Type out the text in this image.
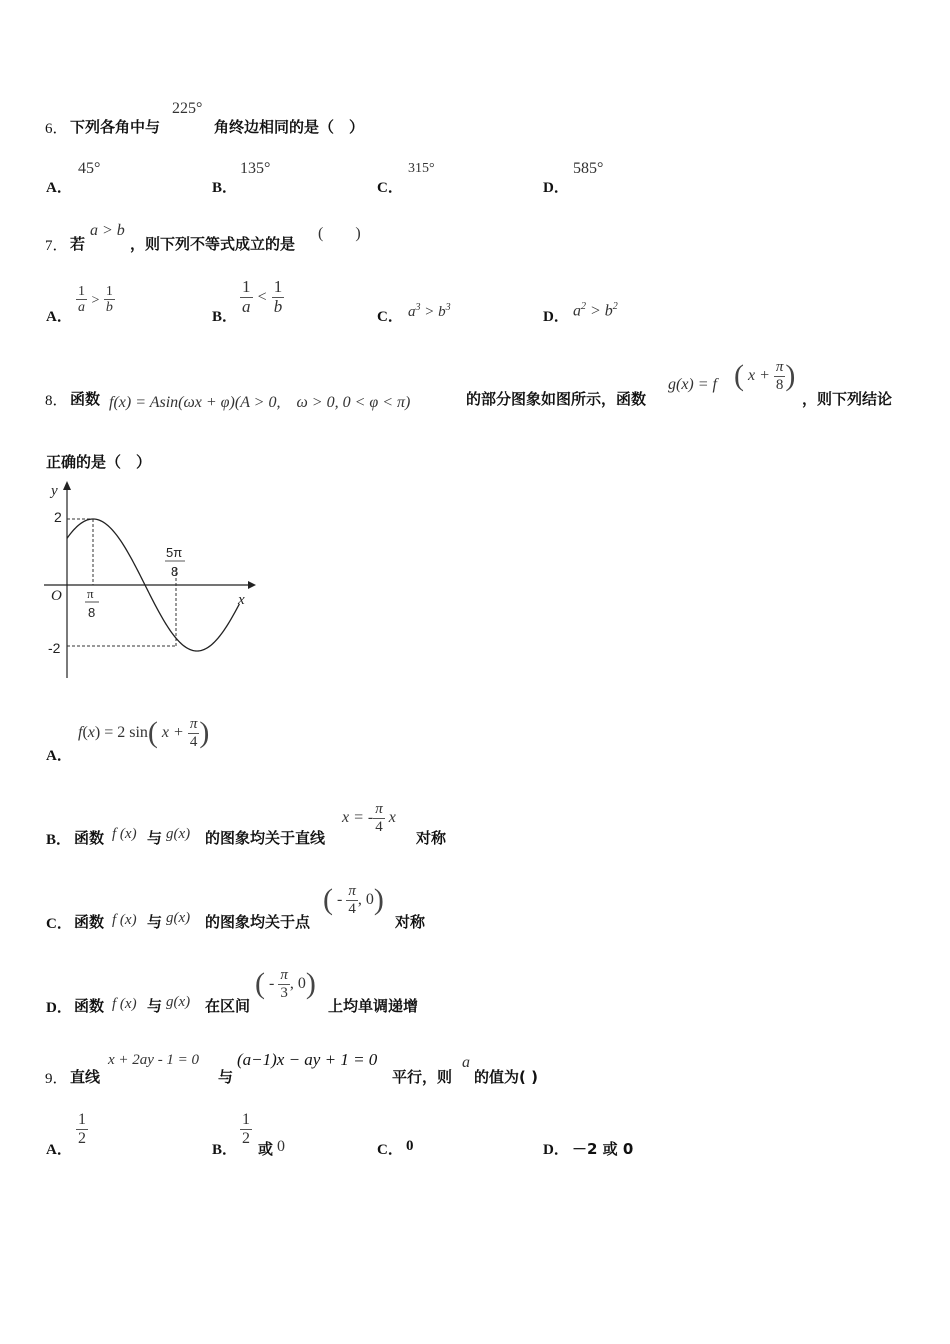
6． 下列各角中与
225°
角终边相同的是（　）
A．
45°
B．
135°
C．
315°
D．
585°
7． 若
a > b
，则下列不等式成立的是
(　　)
A．
$\frac{1}{a} > \frac{1}{b}$
B．
$\frac{1}{a} < \frac{1}{b}$
C． $a^3 > b^3$
D． $a^2 > b^2$
8． 函数 f(x) = Asin(ωx + φ)(A > 0,　ω > 0, 0 < φ < π)	的部分图象如图所示，函数
g(x) = f ( $x + \frac{\pi}{8}$ )
，则下列结论
正确的是（　）
y
x
O
2
-2
π
8
5π
8
A．
f(x) = 2 sin( $x + \frac{\pi}{4}$ )
B． 函数 f (x) 与 g(x) 的图象均关于直线
x = - $\frac{\pi}{4}$ x
对称
C． 函数 f (x) 与 g(x) 的图象均关于点
( - $\frac{\pi}{4}$ , 0)
对称
D． 函数 f (x) 与 g(x) 在区间
( - $\frac{\pi}{3}$ , 0)
上均单调递增
9． 直线
x + 2ay - 1 = 0
与
(a−1)x − ay + 1 = 0
平行，则
a
的值为( )
A．
$\frac{1}{2}$
B．
$\frac{1}{2}$
或 0	C． 0	D． －2 或 0
